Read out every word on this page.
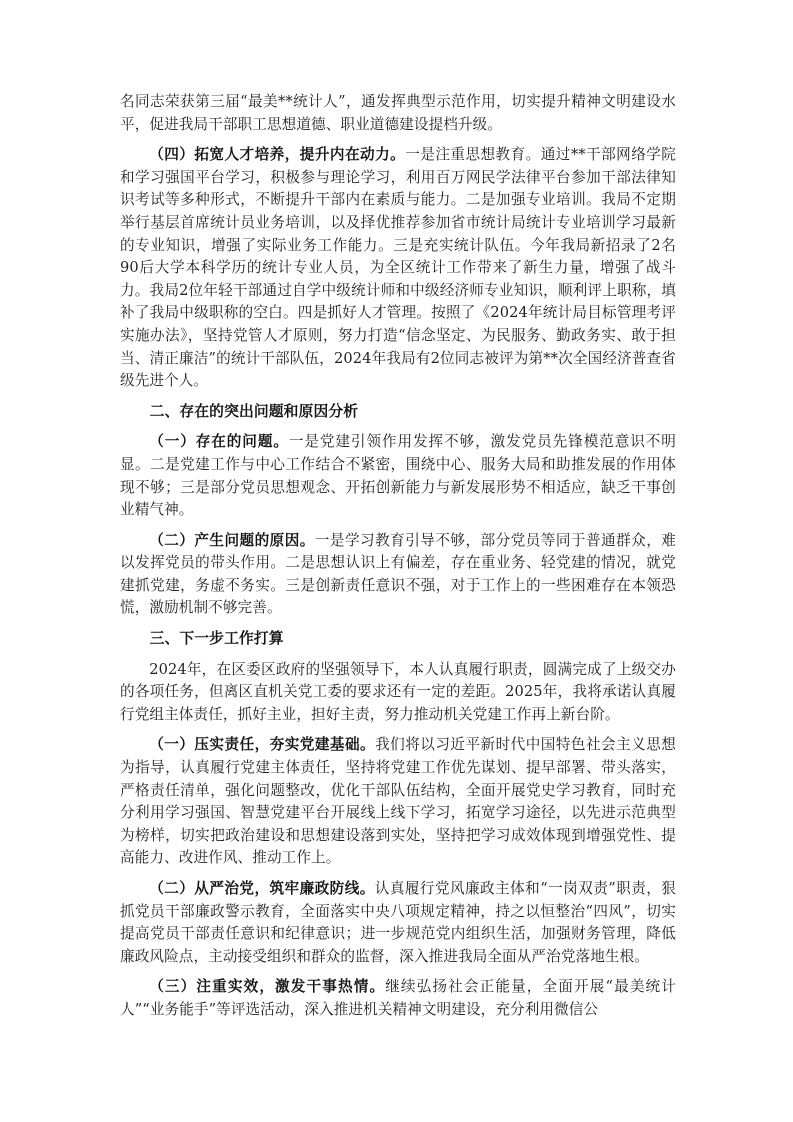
名同志荣获第三届“最美**统计人”，通发挥典型示范作用，切实提升精神文明建设水平，促进我局干部职工思想道德、职业道德建设提档升级。

（四）拓宽人才培养，提升内在动力。一是注重思想教育。通过**干部网络学院和学习强国平台学习，积极参与理论学习，利用百万网民学法律平台参加干部法律知识考试等多种形式，不断提升干部内在素质与能力。二是加强专业培训。我局不定期举行基层首席统计员业务培训，以及择优推荐参加省市统计局统计专业培训学习最新的专业知识，增强了实际业务工作能力。三是充实统计队伍。今年我局新招录了2名90后大学本科学历的统计专业人员，为全区统计工作带来了新生力量，增强了战斗力。我局2位年轻干部通过自学中级统计师和中级经济师专业知识，顺利评上职称，填补了我局中级职称的空白。四是抓好人才管理。按照了《2024年统计局目标管理考评实施办法》，坚持党管人才原则，努力打造“信念坚定、为民服务、勤政务实、敢于担当、清正廉洁”的统计干部队伍，2024年我局有2位同志被评为第**次全国经济普查省级先进个人。

二、存在的突出问题和原因分析

（一）存在的问题。一是党建引领作用发挥不够，激发党员先锋模范意识不明显。二是党建工作与中心工作结合不紧密，围绕中心、服务大局和助推发展的作用体现不够；三是部分党员思想观念、开拓创新能力与新发展形势不相适应，缺乏干事创业精气神。

（二）产生问题的原因。一是学习教育引导不够，部分党员等同于普通群众，难以发挥党员的带头作用。二是思想认识上有偏差，存在重业务、轻党建的情况，就党建抓党建，务虚不务实。三是创新责任意识不强，对于工作上的一些困难存在本领恐慌，激励机制不够完善。

三、下一步工作打算

2024年，在区委区政府的坚强领导下，本人认真履行职责，圆满完成了上级交办的各项任务，但离区直机关党工委的要求还有一定的差距。2025年，我将承诺认真履行党组主体责任，抓好主业，担好主责，努力推动机关党建工作再上新台阶。

（一）压实责任，夯实党建基础。我们将以习近平新时代中国特色社会主义思想为指导，认真履行党建主体责任，坚持将党建工作优先谋划、提早部署、带头落实，严格责任清单，强化问题整改，优化干部队伍结构，全面开展党史学习教育，同时充分利用学习强国、智慧党建平台开展线上线下学习，拓宽学习途径，以先进示范典型为榜样，切实把政治建设和思想建设落到实处，坚持把学习成效体现到增强党性、提高能力、改进作风、推动工作上。

（二）从严治党，筑牢廉政防线。认真履行党风廉政主体和“一岗双责”职责，狠抓党员干部廉政警示教育，全面落实中央八项规定精神，持之以恒整治“四风”，切实提高党员干部责任意识和纪律意识；进一步规范党内组织生活，加强财务管理，降低廉政风险点，主动接受组织和群众的监督，深入推进我局全面从严治党落地生根。

（三）注重实效，激发干事热情。继续弘扬社会正能量，全面开展“最美统计人”“业务能手”等评选活动，深入推进机关精神文明建设，充分利用微信公
